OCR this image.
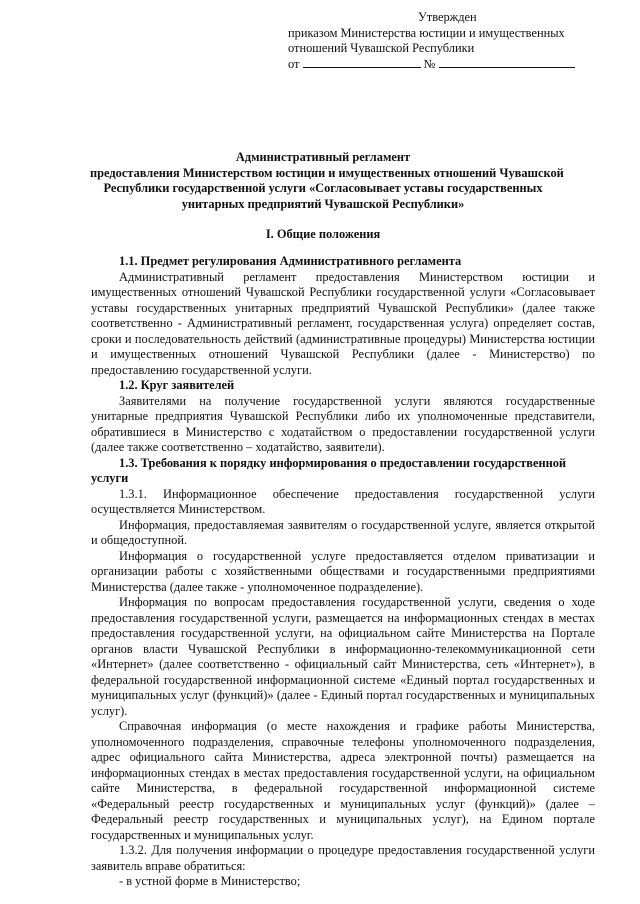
Утвержден
приказом Министерства юстиции и имущественных
отношений Чувашской Республики
от	№
Административный регламент
предоставления Министерством юстиции и имущественных отношений Чувашской
Республики государственной услуги «Согласовывает уставы государственных
унитарных предприятий Чувашской Республики»
I. Общие положения
1.1. Предмет регулирования Административного регламента

Административный регламент предоставления Министерством юстиции и имущественных отношений Чувашской Республики государственной услуги «Согласовывает уставы государственных унитарных предприятий Чувашской Республики» (далее также соответственно - Административный регламент, государственная услуга) определяет состав, сроки и последовательность действий (административные процедуры) Министерства юстиции и имущественных отношений Чувашской Республики (далее - Министерство) по предоставлению государственной услуги.

1.2. Круг заявителей

Заявителями на получение государственной услуги являются государственные унитарные предприятия Чувашской Республики либо их уполномоченные представители, обратившиеся в Министерство с ходатайством о предоставлении государственной услуги (далее также соответственно – ходатайство, заявители).

1.3. Требования к порядку информирования о предоставлении государственной услуги

1.3.1. Информационное обеспечение предоставления государственной услуги осуществляется Министерством.

Информация, предоставляемая заявителям о государственной услуге, является открытой и общедоступной.

Информация о государственной услуге предоставляется отделом приватизации и организации работы с хозяйственными обществами и государственными предприятиями Министерства (далее также - уполномоченное подразделение).

Информация по вопросам предоставления государственной услуги, сведения о ходе предоставления государственной услуги, размещается на информационных стендах в местах предоставления государственной услуги, на официальном сайте Министерства на Портале органов власти Чувашской Республики в информационно-телекоммуникационной сети «Интернет» (далее соответственно - официальный сайт Министерства, сеть «Интернет»), в федеральной государственной информационной системе «Единый портал государственных и муниципальных услуг (функций)» (далее - Единый портал государственных и муниципальных услуг).

Справочная информация (о месте нахождения и графике работы Министерства, уполномоченного подразделения, справочные телефоны уполномоченного подразделения, адрес официального сайта Министерства, адреса электронной почты) размещается на информационных стендах в местах предоставления государственной услуги, на официальном сайте Министерства, в федеральной государственной информационной системе «Федеральный реестр государственных и муниципальных услуг (функций)» (далее – Федеральный реестр государственных и муниципальных услуг), на Едином портале государственных и муниципальных услуг.

1.3.2. Для получения информации о процедуре предоставления государственной услуги заявитель вправе обратиться:

- в устной форме в Министерство;
